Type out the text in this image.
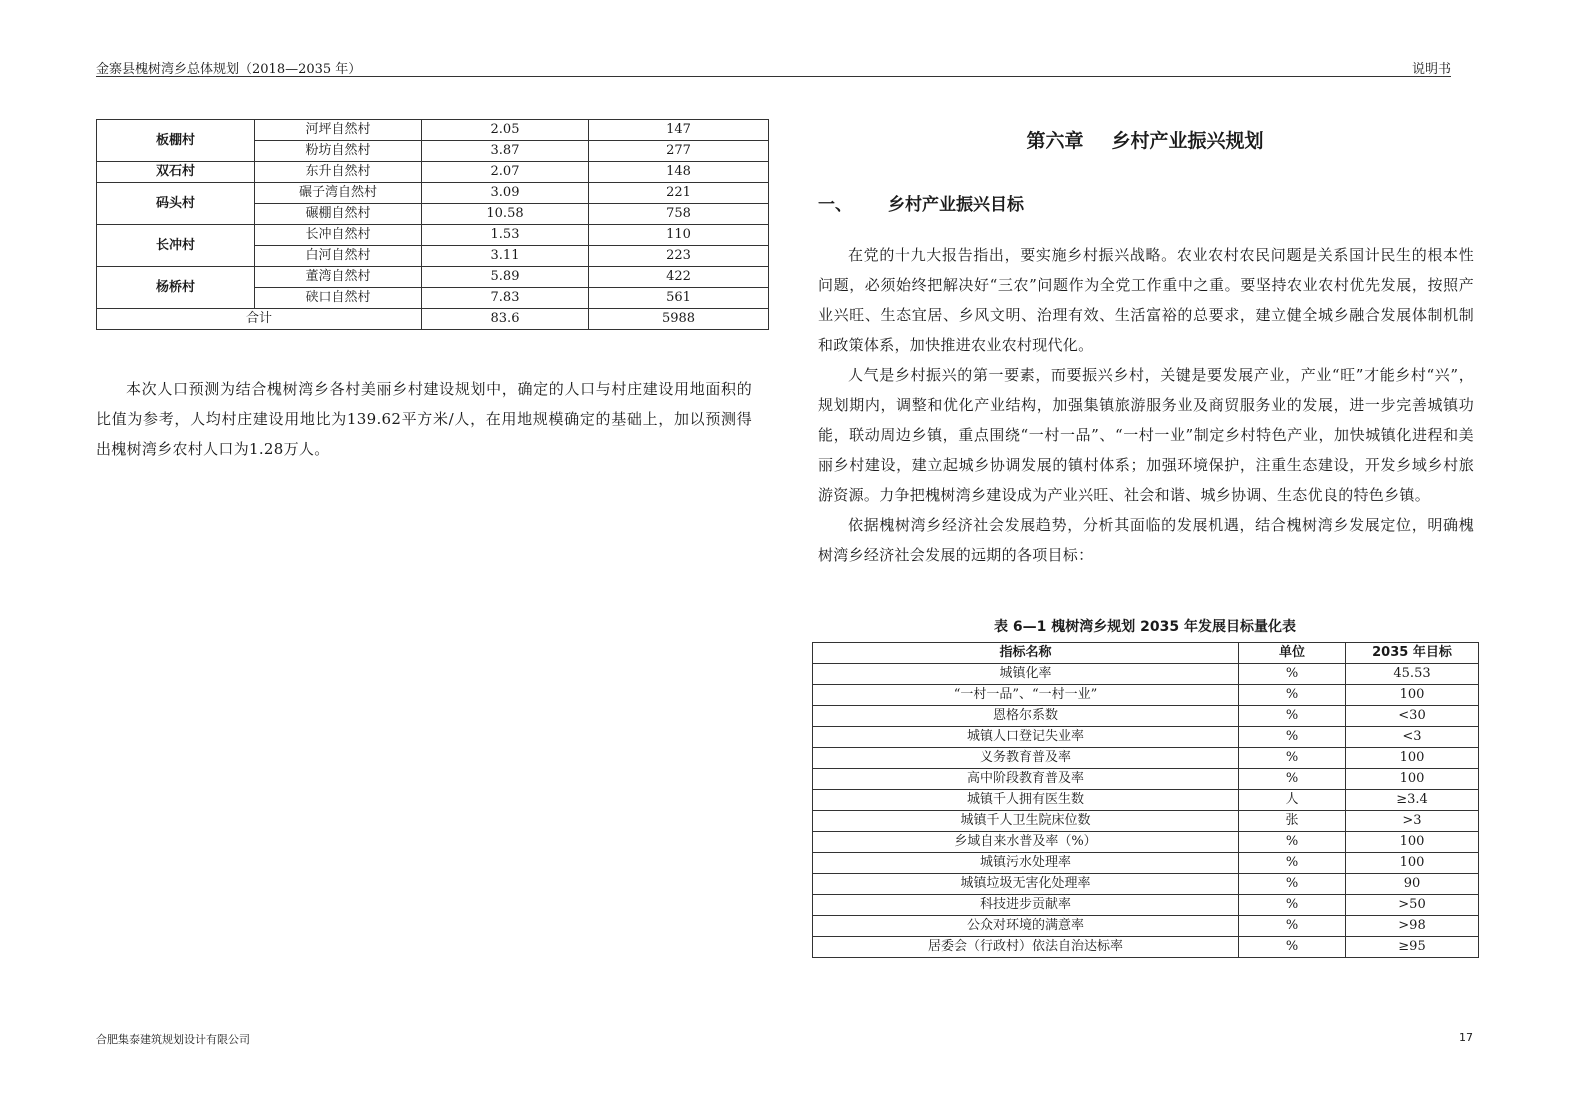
金寨县槐树湾乡总体规划（2018—2035 年）	说明书
板棚村	河坪自然村	2.05	147
	粉坊自然村	3.87	277
双石村	东升自然村	2.07	148
码头村	碾子湾自然村	3.09	221
	碾棚自然村	10.58	758
长冲村	长冲自然村	1.53	110
	白河自然村	3.11	223
杨桥村	董湾自然村	5.89	422
	硖口自然村	7.83	561
合计		83.6	5988

本次人口预测为结合槐树湾乡各村美丽乡村建设规划中，确定的人口与村庄建设用地面积的比值为参考，人均村庄建设用地比为139.62平方米/人，在用地规模确定的基础上，加以预测得出槐树湾乡农村人口为1.28万人。

第六章 乡村产业振兴规划
一、 乡村产业振兴目标

在党的十九大报告指出，要实施乡村振兴战略。农业农村农民问题是关系国计民生的根本性问题，必须始终把解决好“三农”问题作为全党工作重中之重。要坚持农业农村优先发展，按照产业兴旺、生态宜居、乡风文明、治理有效、生活富裕的总要求，建立健全城乡融合发展体制机制和政策体系，加快推进农业农村现代化。

人气是乡村振兴的第一要素，而要振兴乡村，关键是要发展产业，产业“旺”才能乡村“兴”，规划期内，调整和优化产业结构，加强集镇旅游服务业及商贸服务业的发展，进一步完善城镇功能，联动周边乡镇，重点围绕“一村一品”、“一村一业”制定乡村特色产业，加快城镇化进程和美丽乡村建设，建立起城乡协调发展的镇村体系；加强环境保护，注重生态建设，开发乡域乡村旅游资源。力争把槐树湾乡建设成为产业兴旺、社会和谐、城乡协调、生态优良的特色乡镇。

依据槐树湾乡经济社会发展趋势，分析其面临的发展机遇，结合槐树湾乡发展定位，明确槐树湾乡经济社会发展的远期的各项目标：

表 6—1 槐树湾乡规划 2035 年发展目标量化表
指标名称	单位	2035 年目标
城镇化率	%	45.53
“一村一品”、“一村一业”	%	100
恩格尔系数	%	<30
城镇人口登记失业率	%	<3
义务教育普及率	%	100
高中阶段教育普及率	%	100
城镇千人拥有医生数	人	≥3.4
城镇千人卫生院床位数	张	>3
乡域自来水普及率（%）	%	100
城镇污水处理率	%	100
城镇垃圾无害化处理率	%	90
科技进步贡献率	%	>50
公众对环境的满意率	%	>98
居委会（行政村）依法自治达标率	%	≥95
合肥集泰建筑规划设计有限公司	17
